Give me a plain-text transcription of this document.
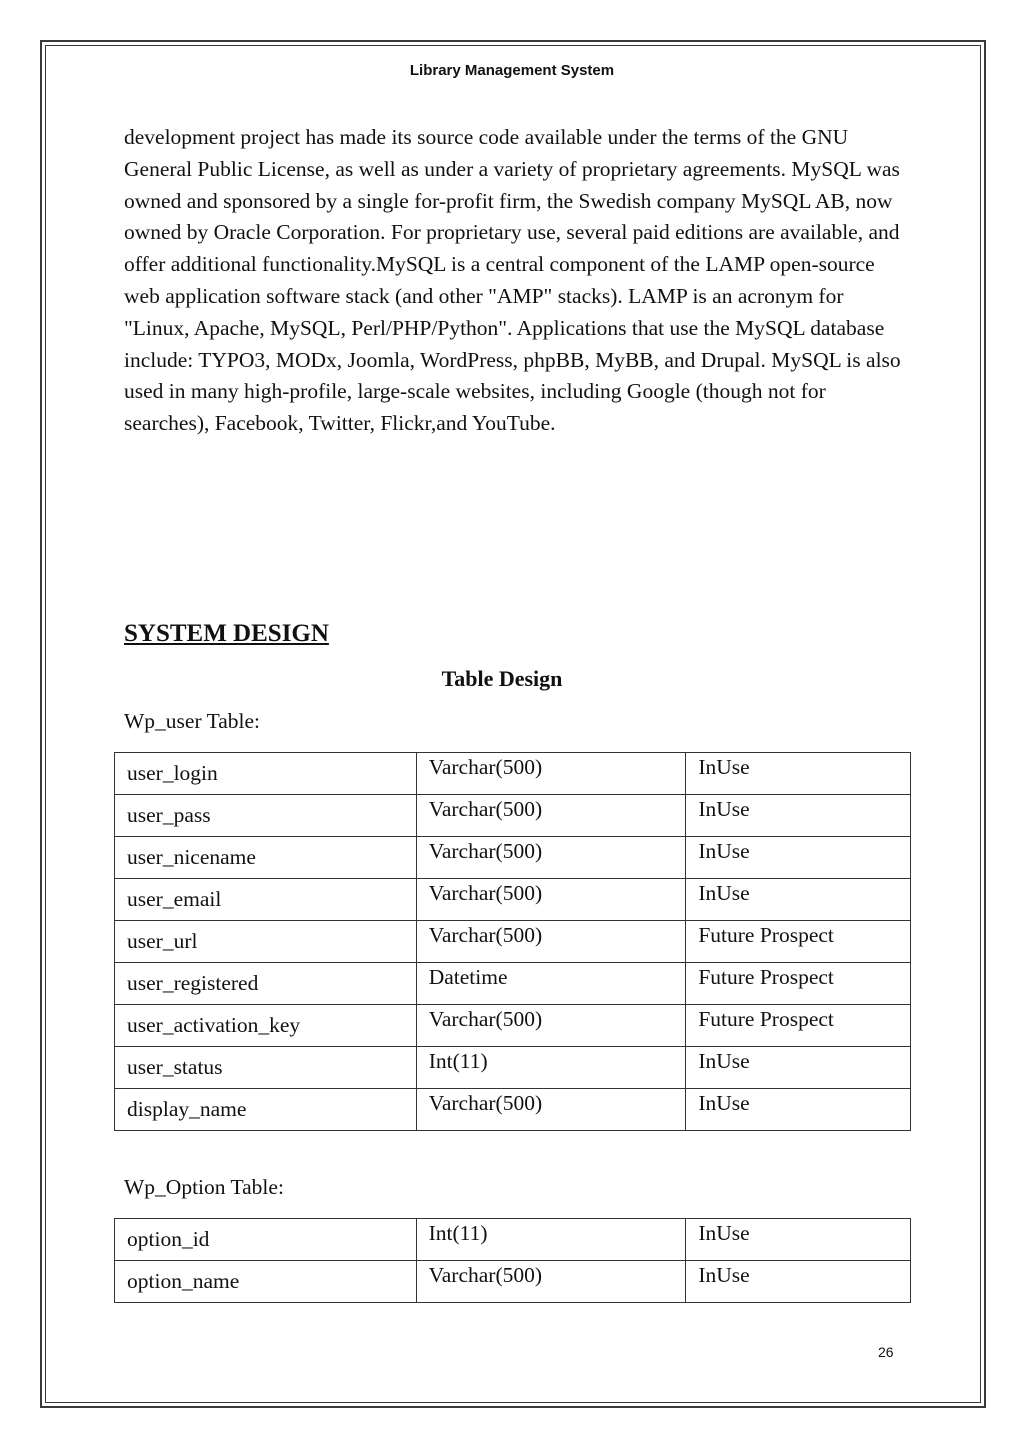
Library Management System

development project has made its source code available under the terms of the GNU General Public License, as well as under a variety of proprietary agreements. MySQL was owned and sponsored by a single for-profit firm, the Swedish company MySQL AB, now owned by Oracle Corporation. For proprietary use, several paid editions are available, and offer additional functionality.MySQL is a central component of the LAMP open-source web application software stack (and other "AMP" stacks). LAMP is an acronym for "Linux, Apache, MySQL, Perl/PHP/Python". Applications that use the MySQL database include: TYPO3, MODx, Joomla, WordPress, phpBB, MyBB, and Drupal. MySQL is also used in many high-profile, large-scale websites, including Google (though not for searches), Facebook, Twitter, Flickr,and YouTube.

SYSTEM DESIGN
Table Design
Wp_user Table:
user_login	Varchar(500)	InUse
user_pass	Varchar(500)	InUse
user_nicename	Varchar(500)	InUse
user_email	Varchar(500)	InUse
user_url	Varchar(500)	Future Prospect
user_registered	Datetime	Future Prospect
user_activation_key	Varchar(500)	Future Prospect
user_status	Int(11)	InUse
display_name	Varchar(500)	InUse
Wp_Option Table:
option_id	Int(11)	InUse
option_name	Varchar(500)	InUse
26
